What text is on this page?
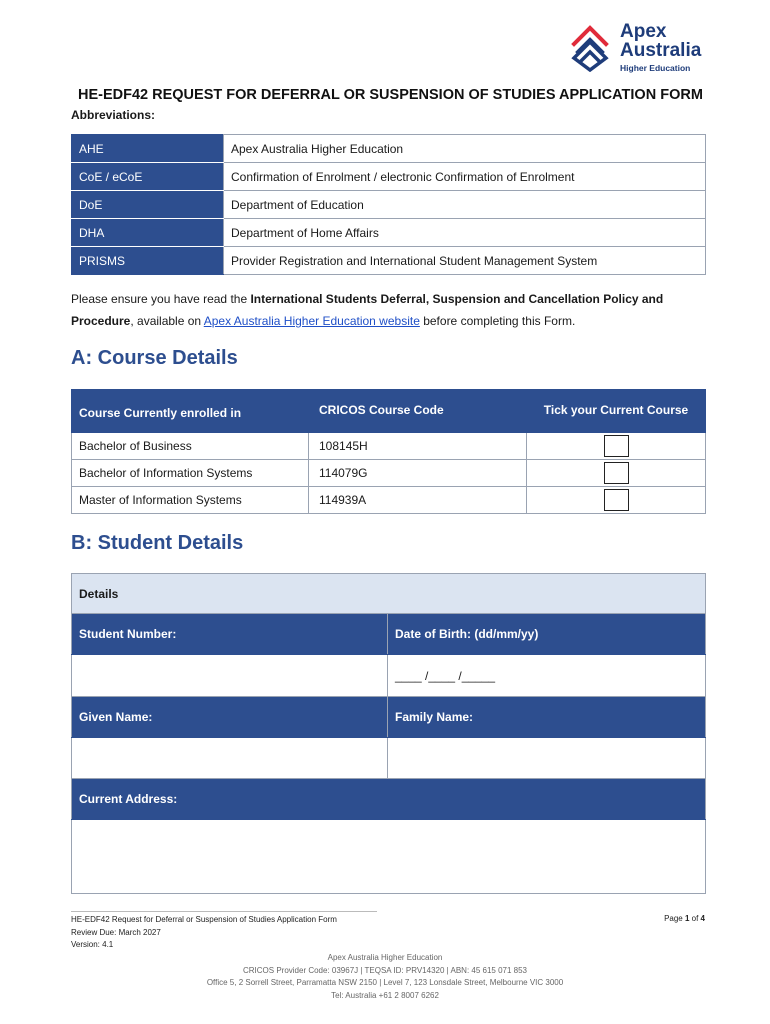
Apex
Australia
Higher Education
HE-EDF42 REQUEST FOR DEFERRAL OR SUSPENSION OF STUDIES APPLICATION FORM
Abbreviations:
AHE	Apex Australia Higher Education
CoE / eCoE	Confirmation of Enrolment / electronic Confirmation of Enrolment
DoE	Department of Education
DHA	Department of Home Affairs
PRISMS	Provider Registration and International Student Management System
Please ensure you have read the International Students Deferral, Suspension and Cancellation Policy and Procedure, available on Apex Australia Higher Education website before completing this Form.
A: Course Details
Course Currently enrolled in	CRICOS Course Code	Tick your Current Course
Bachelor of Business	108145H	
Bachelor of Information Systems	114079G	
Master of Information Systems	114939A	
B: Student Details
Details	
Student Number:	Date of Birth: (dd/mm/yy)
	____ /____ /_____
Given Name:	Family Name:

Current Address:	

HE-EDF42 Request for Deferral or Suspension of Studies Application Form
Review Due: March 2027
Version: 4.1
Page 1 of 4
Apex Australia Higher Education
CRICOS Provider Code: 03967J | TEQSA ID: PRV14320 | ABN: 45 615 071 853
Office 5, 2 Sorrell Street, Parramatta NSW 2150 | Level 7, 123 Lonsdale Street, Melbourne VIC 3000
Tel: Australia +61 2 8007 6262
